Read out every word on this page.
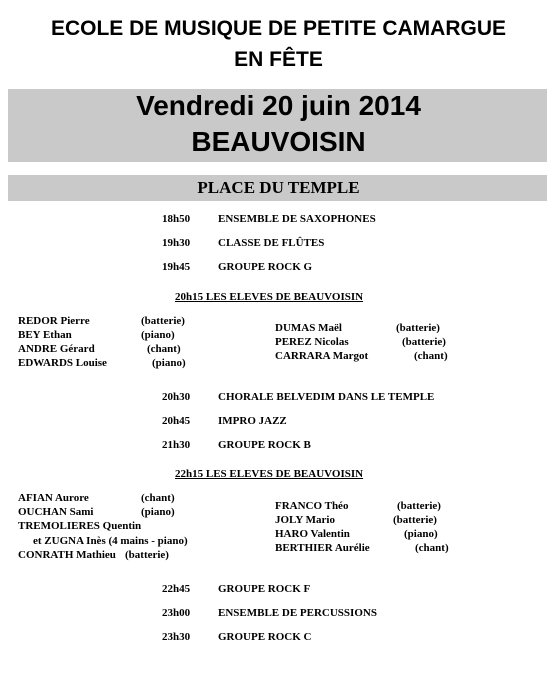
ECOLE DE MUSIQUE DE PETITE CAMARGUE
EN FÊTE
Vendredi 20 juin 2014
BEAUVOISIN
PLACE DU TEMPLE
18h50	ENSEMBLE DE SAXOPHONES
19h30	CLASSE DE FLÛTES
19h45	GROUPE ROCK G
20h15 LES ELEVES DE BEAUVOISIN
REDOR Pierre	(batterie)
BEY Ethan	(piano)
ANDRE Gérard	(chant)
EDWARDS Louise	(piano)
DUMAS Maël	(batterie)
PEREZ Nicolas	(batterie)
CARRARA Margot	(chant)
20h30	CHORALE BELVEDIM DANS LE TEMPLE
20h45	IMPRO JAZZ
21h30	GROUPE ROCK B
22h15 LES ELEVES DE BEAUVOISIN
AFIAN Aurore	(chant)
OUCHAN Sami	(piano)
TREMOLIERES Quentin
et ZUGNA Inès (4 mains - piano)
CONRATH Mathieu (batterie)
FRANCO Théo	(batterie)
JOLY Mario	(batterie)
HARO Valentin	(piano)
BERTHIER Aurélie	(chant)
22h45	GROUPE ROCK F
23h00	ENSEMBLE DE PERCUSSIONS
23h30	GROUPE ROCK C
